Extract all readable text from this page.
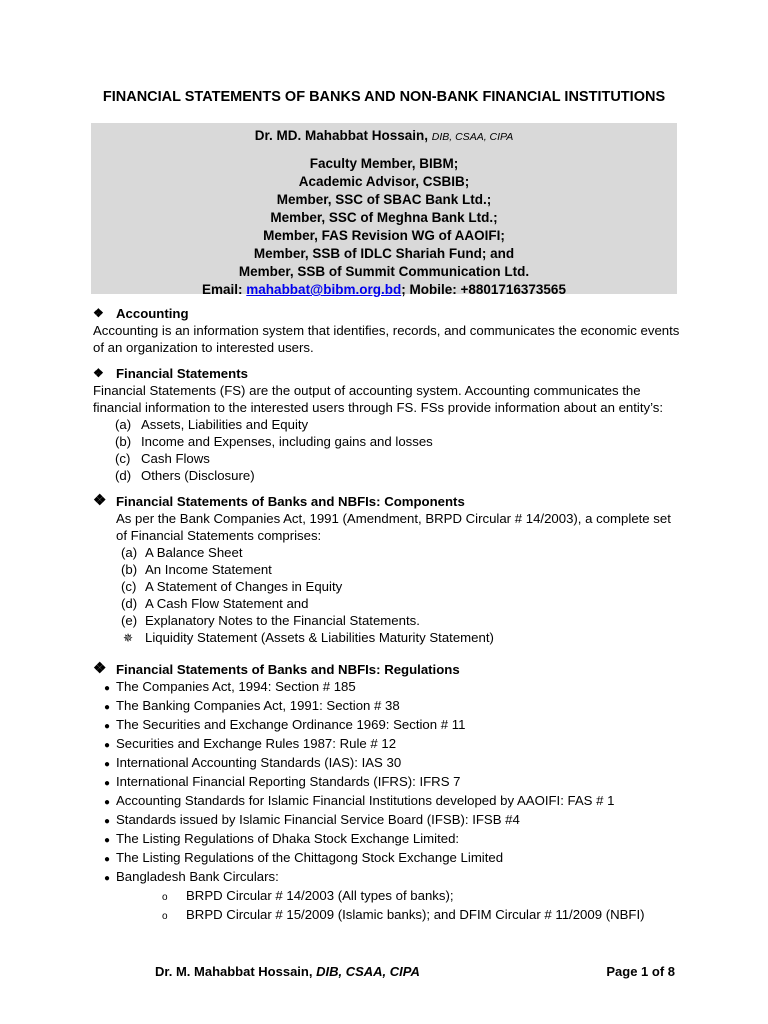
FINANCIAL STATEMENTS OF BANKS AND NON-BANK FINANCIAL INSTITUTIONS
Dr. MD. Mahabbat Hossain, DIB, CSAA, CIPA
Faculty Member, BIBM;
Academic Advisor, CSBIB;
Member, SSC of SBAC Bank Ltd.;
Member, SSC of Meghna Bank Ltd.;
Member, FAS Revision WG of AAOIFI;
Member, SSB of IDLC Shariah Fund; and
Member, SSB of Summit Communication Ltd.
Email: mahabbat@bibm.org.bd; Mobile: +8801716373565
❖ Accounting
Accounting is an information system that identifies, records, and communicates the economic events of an organization to interested users.
❖ Financial Statements
Financial Statements (FS) are the output of accounting system. Accounting communicates the financial information to the interested users through FS. FSs provide information about an entity’s:
(a) Assets, Liabilities and Equity
(b) Income and Expenses, including gains and losses
(c) Cash Flows
(d) Others (Disclosure)
❖ Financial Statements of Banks and NBFIs: Components
As per the Bank Companies Act, 1991 (Amendment, BRPD Circular # 14/2003), a complete set of Financial Statements comprises:
(a) A Balance Sheet
(b) An Income Statement
(c) A Statement of Changes in Equity
(d) A Cash Flow Statement and
(e) Explanatory Notes to the Financial Statements.
✵ Liquidity Statement (Assets & Liabilities Maturity Statement)
❖ Financial Statements of Banks and NBFIs: Regulations
● The Companies Act, 1994: Section # 185
● The Banking Companies Act, 1991: Section # 38
● The Securities and Exchange Ordinance 1969: Section # 11
● Securities and Exchange Rules 1987: Rule # 12
● International Accounting Standards (IAS): IAS 30
● International Financial Reporting Standards (IFRS): IFRS 7
● Accounting Standards for Islamic Financial Institutions developed by AAOIFI: FAS # 1
● Standards issued by Islamic Financial Service Board (IFSB): IFSB #4
● The Listing Regulations of Dhaka Stock Exchange Limited:
● The Listing Regulations of the Chittagong Stock Exchange Limited
● Bangladesh Bank Circulars:
o BRPD Circular # 14/2003 (All types of banks);
o BRPD Circular # 15/2009 (Islamic banks); and DFIM Circular # 11/2009 (NBFI)
Dr. M. Mahabbat Hossain, DIB, CSAA, CIPA	Page 1 of 8
